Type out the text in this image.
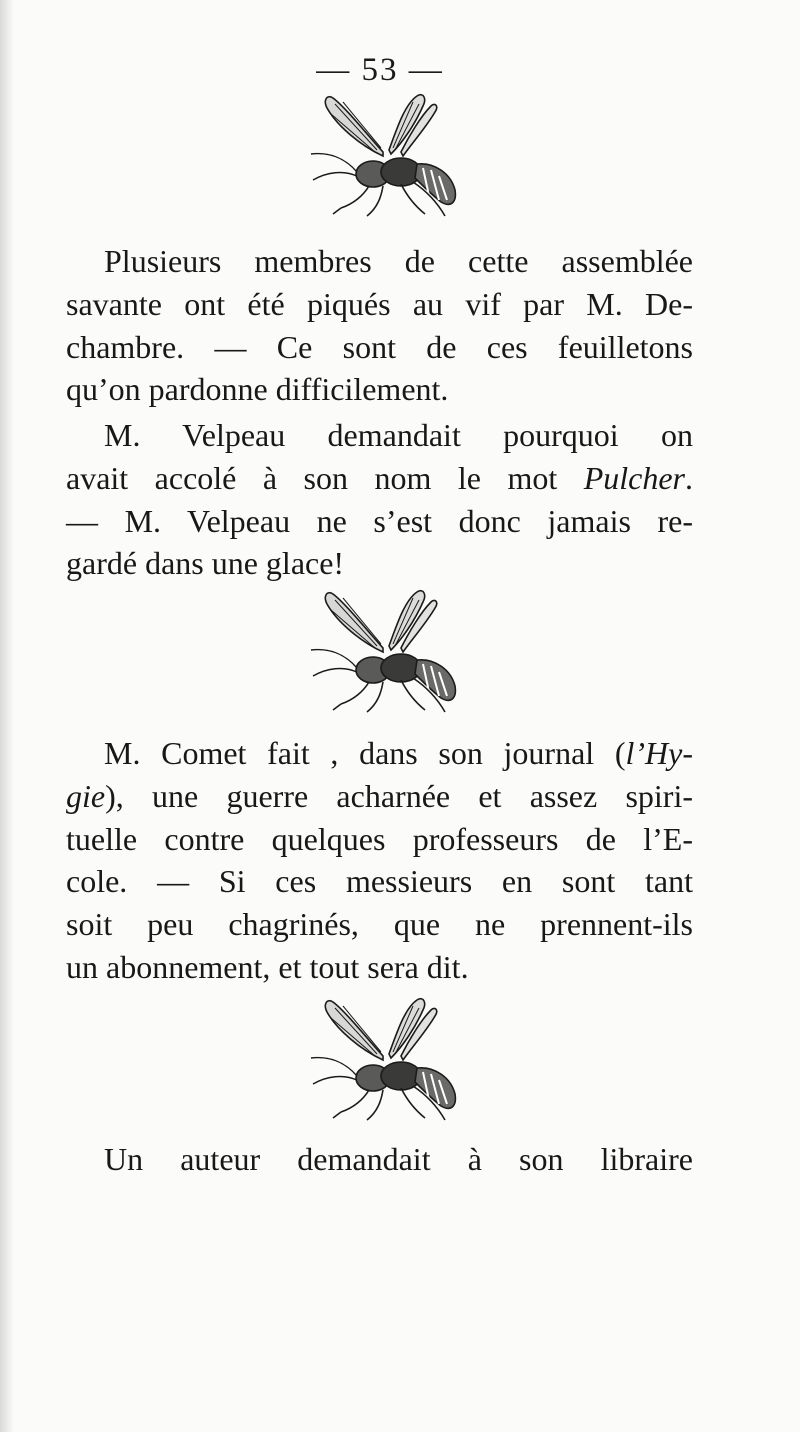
— 53 —

Plusieurs membres de cette assemblée
savante ont été piqués au vif par M. De-
chambre. — Ce sont de ces feuilletons
qu’on pardonne difficilement.

M. Velpeau demandait pourquoi on
avait accolé à son nom le mot Pulcher.
— M. Velpeau ne s’est donc jamais re-
gardé dans une glace!

M. Comet fait , dans son journal (l’Hy-
gie), une guerre acharnée et assez spiri-
tuelle contre quelques professeurs de l’E-
cole. — Si ces messieurs en sont tant
soit peu chagrinés, que ne prennent-ils
un abonnement, et tout sera dit.

Un auteur demandait à son libraire
